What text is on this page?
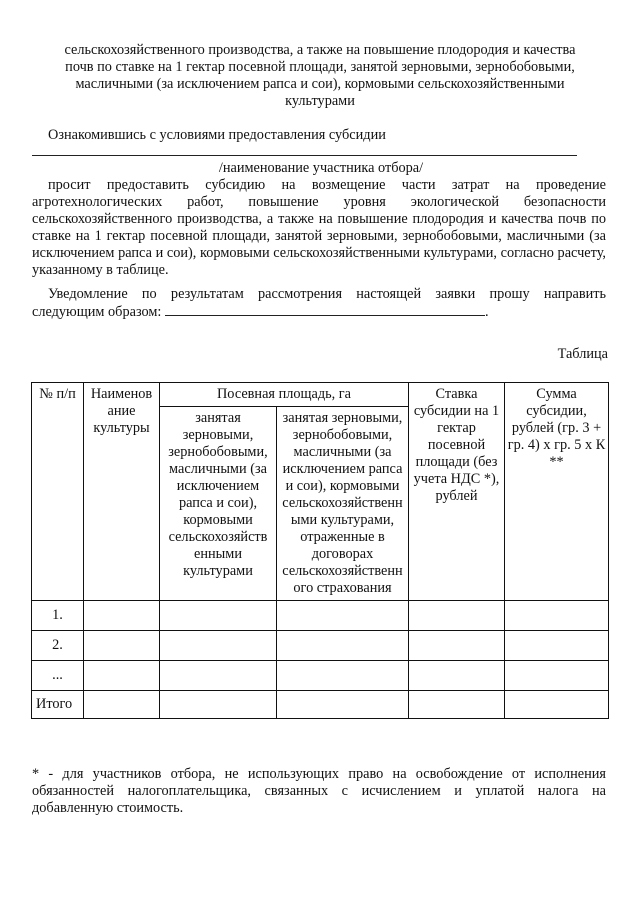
сельскохозяйственного производства, а также на повышение плодородия и качества
почв по ставке на 1 гектар посевной площади, занятой зерновыми, зернобобовыми,
масличными (за исключением рапса и сои), кормовыми сельскохозяйственными
культурами
Ознакомившись с условиями предоставления субсидии
/наименование участника отбора/
просит предоставить субсидию на возмещение части затрат на проведение агротехнологических работ, повышение уровня экологической безопасности сельскохозяйственного производства, а также на повышение плодородия и качества почв по ставке на 1 гектар посевной площади, занятой зерновыми, зернобобовыми, масличными (за исключением рапса и сои), кормовыми сельскохозяйственными культурами, согласно расчету, указанному в таблице.
Уведомление по результатам рассмотрения настоящей заявки прошу направить
следующим образом:	.
Таблица
№ п/п	Наименов ание культуры	Посевная площадь, га		Ставка субсидии на 1 гектар посевной площади (без учета НДС *), рублей	Сумма субсидии, рублей (гр. 3 + гр. 4) х гр. 5 х К **
		занятая зерновыми, зернобобовыми, масличными (за исключением рапса и сои), кормовыми сельскохозяйств енными культурами	занятая зерновыми, зернобобовыми, масличными (за исключением рапса и сои), кормовыми сельскохозяйственн ыми культурами, отраженные в договорах сельскохозяйственн ого страхования		
1.					
2.					
...					
Итого					
* - для участников отбора, не использующих право на освобождение от исполнения обязанностей налогоплательщика, связанных с исчислением и уплатой налога на добавленную стоимость.
